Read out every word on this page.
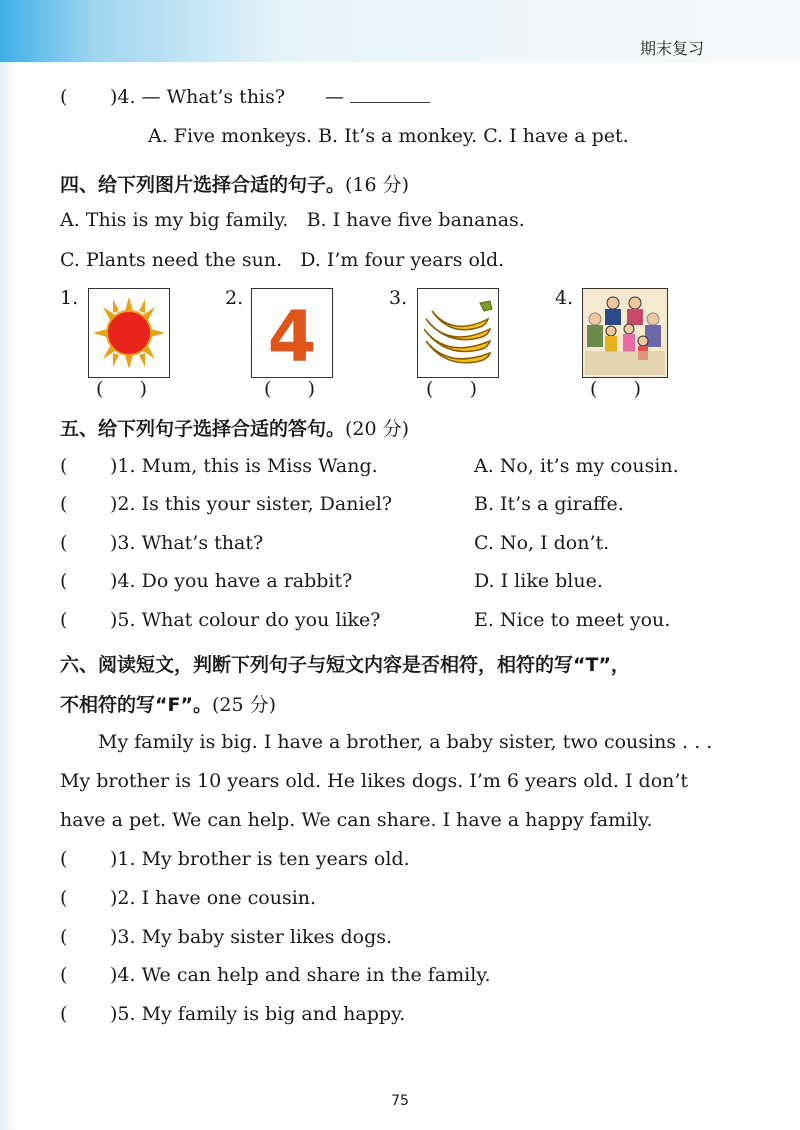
期末复习
( )4. — What’s this? —
A. Five monkeys. B. It’s a monkey. C. I have a pet.
四、给下列图片选择合适的句子。(16 分)
A. This is my big family.   B. I have five bananas.
C. Plants need the sun.   D. I’m four years old.
1.
(      )
2. 4
(      )
3.
(      )
4.
(      )
五、给下列句子选择合适的答句。(20 分)
( )1. Mum, this is Miss Wang.	A. No, it’s my cousin.
( )2. Is this your sister, Daniel?	B. It’s a giraffe.
( )3. What’s that?	C. No, I don’t.
( )4. Do you have a rabbit?	D. I like blue.
( )5. What colour do you like?	E. Nice to meet you.
六、阅读短文，判断下列句子与短文内容是否相符，相符的写“T”，
不相符的写“F”。(25 分)
My family is big. I have a brother, a baby sister, two cousins . . .
My brother is 10 years old. He likes dogs. I’m 6 years old. I don’t
have a pet. We can help. We can share. I have a happy family.
( )1. My brother is ten years old.
( )2. I have one cousin.
( )3. My baby sister likes dogs.
( )4. We can help and share in the family.
( )5. My family is big and happy.
75
